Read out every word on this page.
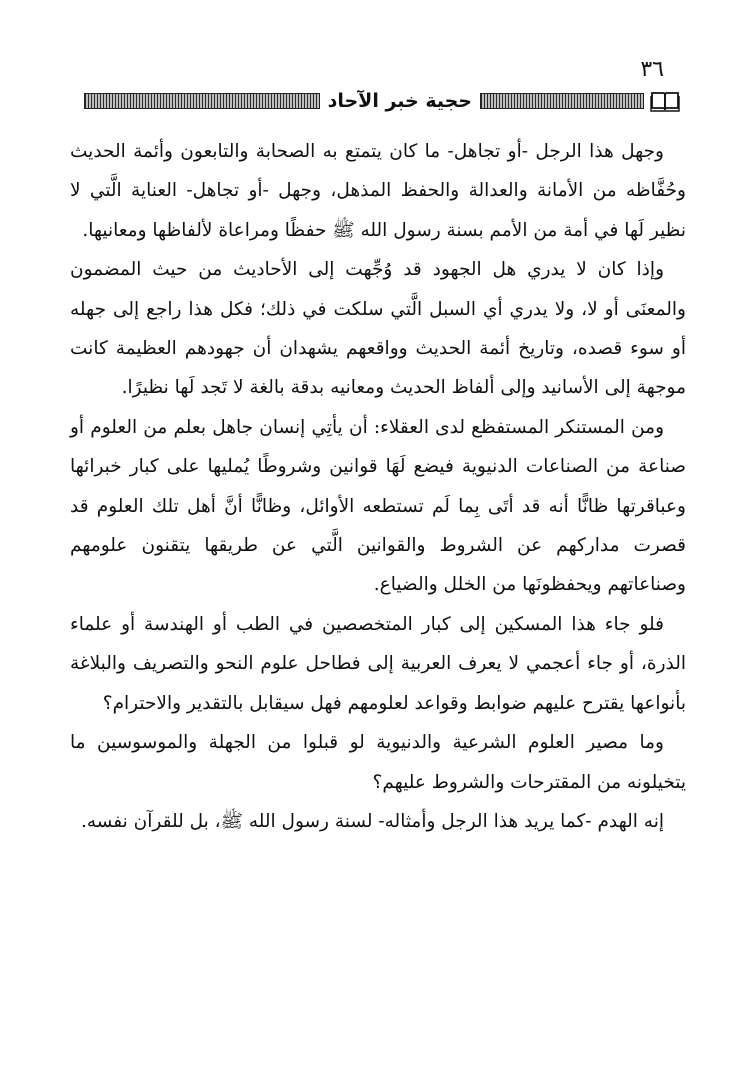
٣٦
حجية خبر الآحاد

وجهل هذا الرجل -أو تجاهل- ما كان يتمتع به الصحابة والتابعون وأئمة الحديث وحُفَّاظه من الأمانة والعدالة والحفظ المذهل، وجهل -أو تجاهل- العناية الَّتي لا نظير لَها في أمة من الأمم بسنة رسول الله ﷺ حفظًا ومراعاة لألفاظها ومعانيها.

وإذا كان لا يدري هل الجهود قد وُجِّهت إلى الأحاديث من حيث المضمون والمعنَى أو لا، ولا يدري أي السبل الَّتي سلكت في ذلك؛ فكل هذا راجع إلى جهله أو سوء قصده، وتاريخ أئمة الحديث وواقعهم يشهدان أن جهودهم العظيمة كانت موجهة إلى الأسانيد وإلى ألفاظ الحديث ومعانيه بدقة بالغة لا تَجد لَها نظيرًا.

ومن المستنكر المستفظع لدى العقلاء: أن يأتِي إنسان جاهل بعلم من العلوم أو صناعة من الصناعات الدنيوية فيضع لَهَا قوانين وشروطًا يُمليها على كبار خبرائها وعباقرتها ظانًّا أنه قد أتَى بِما لَم تستطعه الأوائل، وظانًّا أنَّ أهل تلك العلوم قد قصرت مداركهم عن الشروط والقوانين الَّتي عن طريقها يتقنون علومهم وصناعاتهم ويحفظونَها من الخلل والضياع.

فلو جاء هذا المسكين إلى كبار المتخصصين في الطب أو الهندسة أو علماء الذرة، أو جاء أعجمي لا يعرف العربية إلى فطاحل علوم النحو والتصريف والبلاغة بأنواعها يقترح عليهم ضوابط وقواعد لعلومهم فهل سيقابل بالتقدير والاحترام؟

وما مصير العلوم الشرعية والدنيوية لو قبلوا من الجهلة والموسوسين ما يتخيلونه من المقترحات والشروط عليهم؟

إنه الهدم -كما يريد هذا الرجل وأمثاله- لسنة رسول الله ﷺ، بل للقرآن نفسه.
